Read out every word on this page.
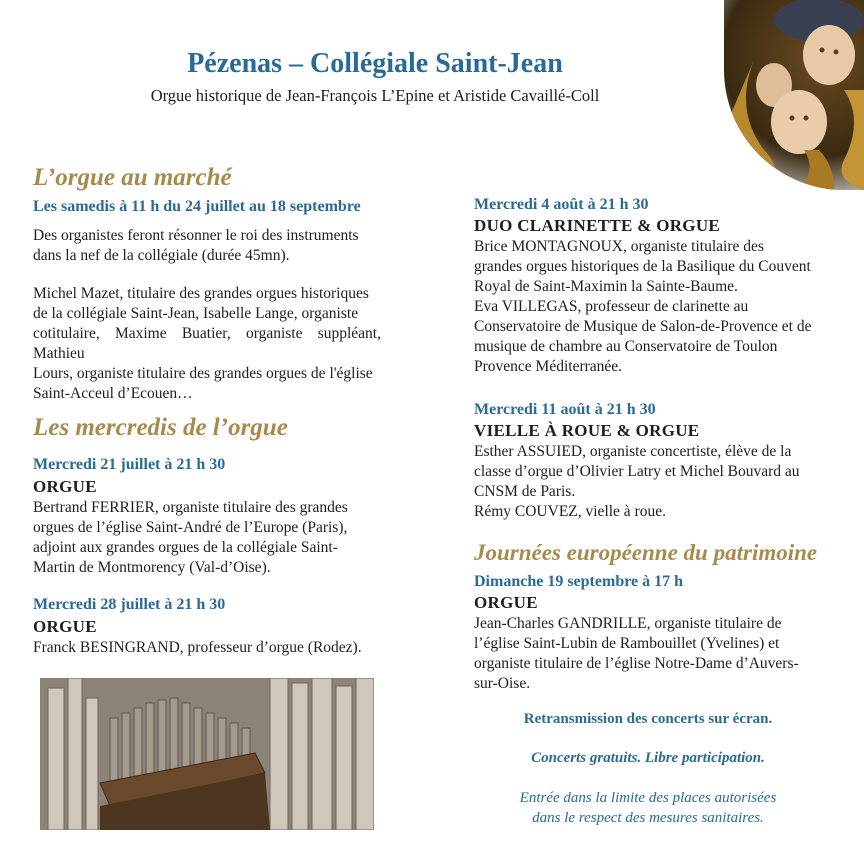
Pézenas – Collégiale Saint-Jean
Orgue historique de Jean-François L’Epine et Aristide Cavaillé-Coll
L’orgue au marché
Les samedis à 11 h du 24 juillet au 18 septembre
Des organistes feront résonner le roi des instruments
dans la nef de la collégiale (durée 45mn).
Michel Mazet, titulaire des grandes orgues historiques
de la collégiale Saint-Jean, Isabelle Lange, organiste
cotitulaire, Maxime Buatier, organiste suppléant, Mathieu
Lours, organiste titulaire des grandes orgues de l'église
Saint-Acceul d’Ecouen…
Les mercredis de l’orgue
Mercredi 21 juillet à 21 h 30
ORGUE
Bertrand FERRIER, organiste titulaire des grandes
orgues de l’église Saint-André de l’Europe (Paris),
adjoint aux grandes orgues de la collégiale Saint-
Martin de Montmorency (Val-d’Oise).
Mercredi 28 juillet à 21 h 30
ORGUE
Franck BESINGRAND, professeur d’orgue (Rodez).
Mercredi 4 août à 21 h 30
DUO CLARINETTE & ORGUE
Brice MONTAGNOUX, organiste titulaire des
grandes orgues historiques de la Basilique du Couvent
Royal de Saint-Maximin la Sainte-Baume.
Eva VILLEGAS, professeur de clarinette au
Conservatoire de Musique de Salon-de-Provence et de
musique de chambre au Conservatoire de Toulon
Provence Méditerranée.
Mercredi 11 août à 21 h 30
VIELLE À ROUE & ORGUE
Esther ASSUIED, organiste concertiste, élève de la
classe d’orgue d’Olivier Latry et Michel Bouvard au
CNSM de Paris.
Rémy COUVEZ, vielle à roue.
Journées européenne du patrimoine
Dimanche 19 septembre à 17 h
ORGUE
Jean-Charles GANDRILLE, organiste titulaire de
l’église Saint-Lubin de Rambouillet (Yvelines) et
organiste titulaire de l’église Notre-Dame d’Auvers-
sur-Oise.
Retransmission des concerts sur écran.
Concerts gratuits. Libre participation.
Entrée dans la limite des places autorisées
dans le respect des mesures sanitaires.
